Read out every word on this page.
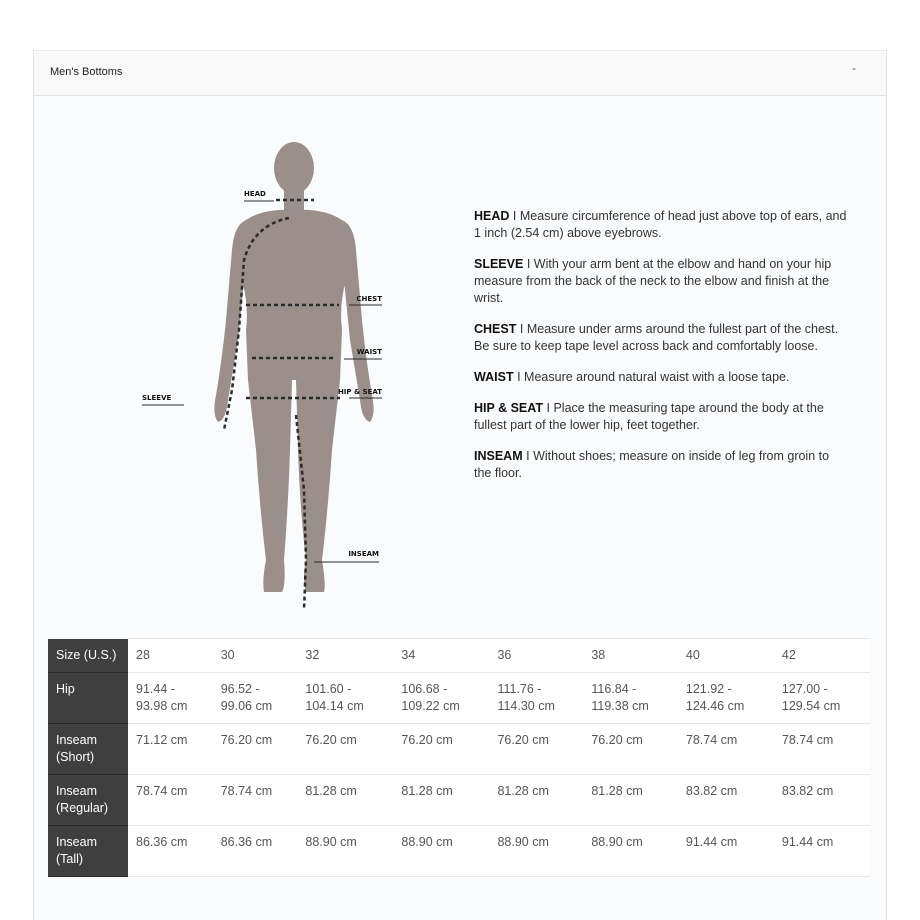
Men's Bottoms	-
HEAD
CHEST
WAIST
HIP & SEAT
SLEEVE
INSEAM

HEAD I Measure circumference of head just above top of ears, and 1 inch (2.54 cm) above eyebrows.

SLEEVE I With your arm bent at the elbow and hand on your hip measure from the back of the neck to the elbow and finish at the wrist.

CHEST I Measure under arms around the fullest part of the chest. Be sure to keep tape level across back and comfortably loose.

WAIST I Measure around natural waist with a loose tape.

HIP & SEAT I Place the measuring tape around the body at the fullest part of the lower hip, feet together.

INSEAM I Without shoes; measure on inside of leg from groin to the floor.

Size (U.S.)	28	30	32	34	36	38	40	42
Hip	91.44 - 93.98 cm	96.52 - 99.06 cm	101.60 - 104.14 cm	106.68 - 109.22 cm	111.76 - 114.30 cm	116.84 - 119.38 cm	121.92 - 124.46 cm	127.00 - 129.54 cm
Inseam (Short)	71.12 cm	76.20 cm	76.20 cm	76.20 cm	76.20 cm	76.20 cm	78.74 cm	78.74 cm
Inseam (Regular)	78.74 cm	78.74 cm	81.28 cm	81.28 cm	81.28 cm	81.28 cm	83.82 cm	83.82 cm
Inseam (Tall)	86.36 cm	86.36 cm	88.90 cm	88.90 cm	88.90 cm	88.90 cm	91.44 cm	91.44 cm
